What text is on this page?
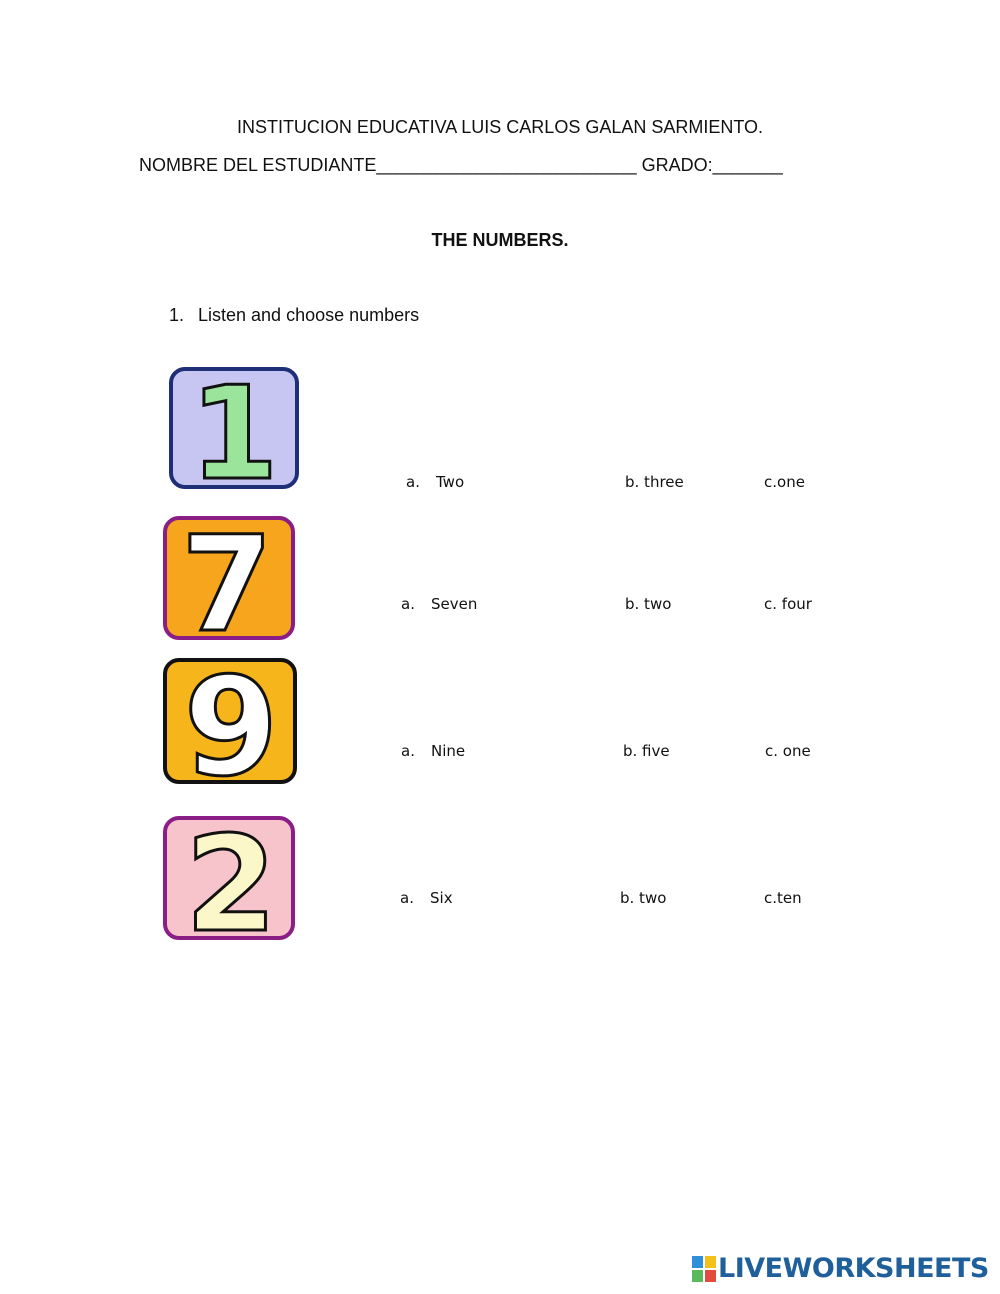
INSTITUCION EDUCATIVA LUIS CARLOS GALAN SARMIENTO.
NOMBRE DEL ESTUDIANTE__________________________ GRADO:_______
THE NUMBERS.
1. Listen and choose numbers
1	a. Two	b. three	c.one
7	a. Seven	b. two	c. four
9	a. Nine	b. five	c. one
2	a. Six	b. two	c.ten
LIVEWORKSHEETS
